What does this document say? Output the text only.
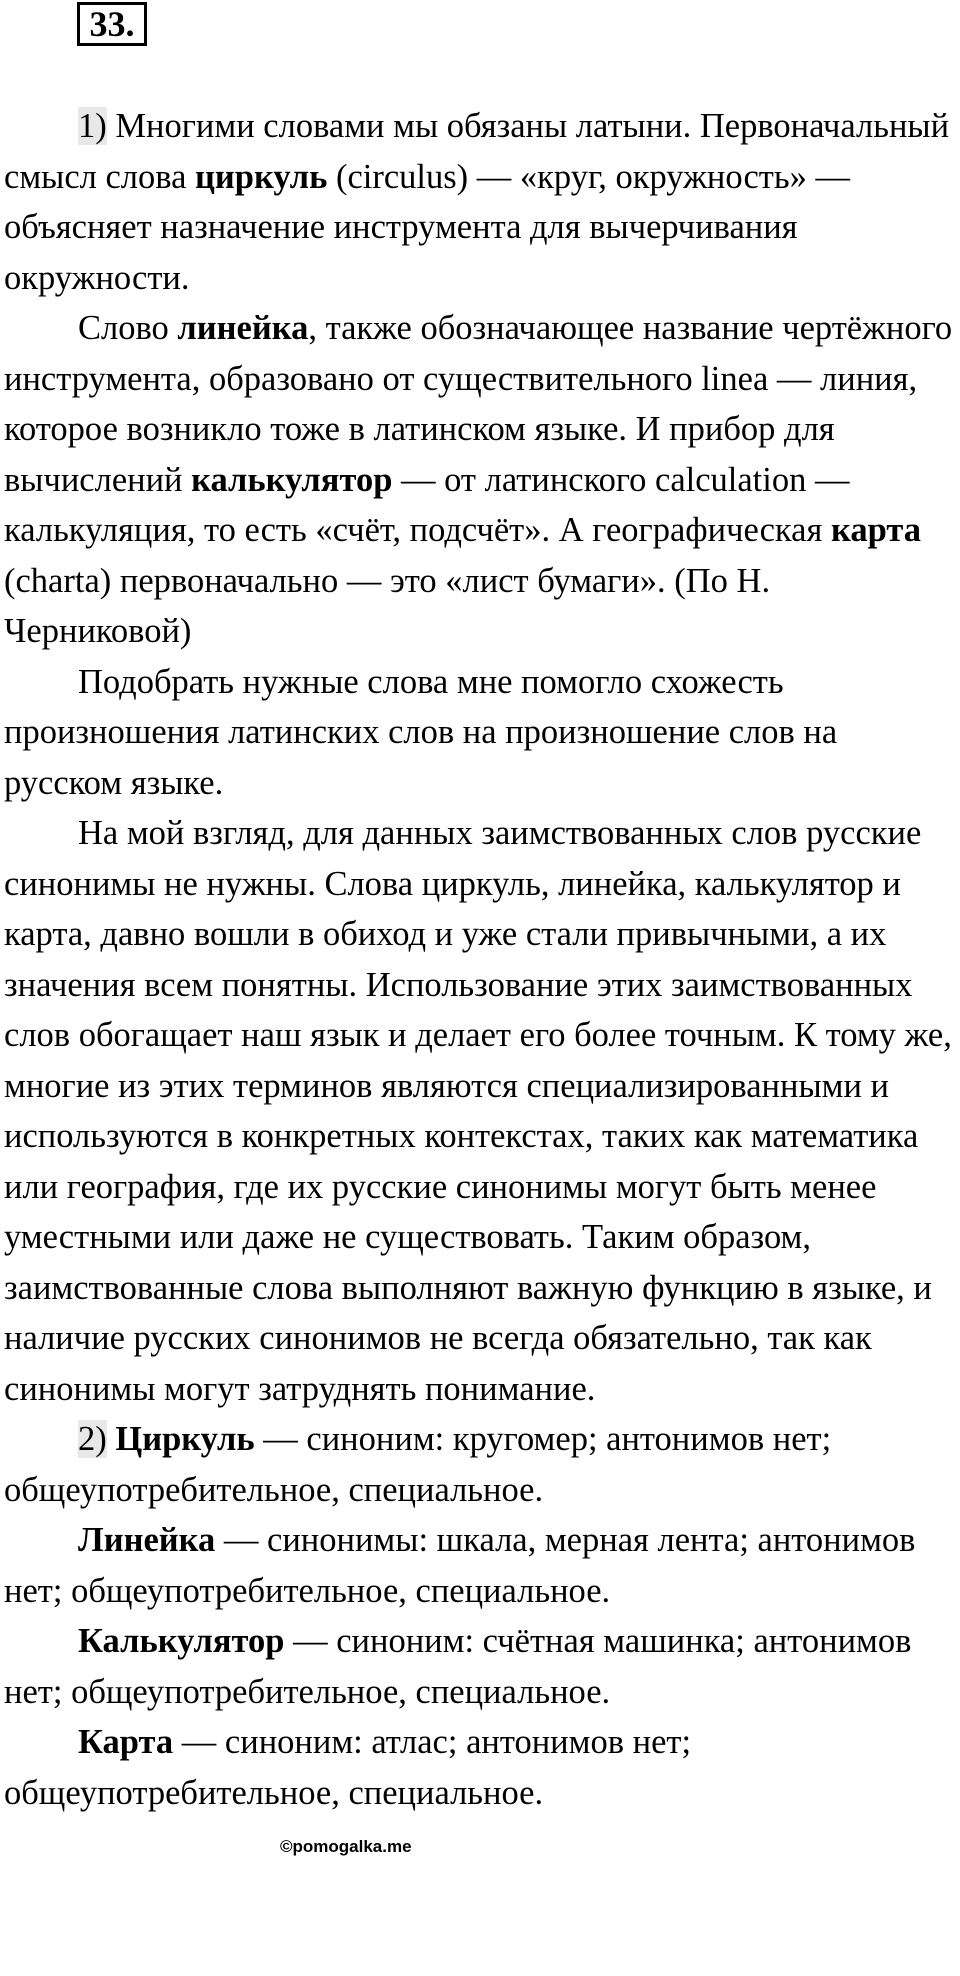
33.

1) Многими словами мы обязаны латыни. Первоначальный смысл слова циркуль (circulus) — «круг, окружность» — объясняет назначение инструмента для вычерчивания окружности.

Слово линейка, также обозначающее название чертёжного инструмента, образовано от существительного linea — линия, которое возникло тоже в латинском языке. И прибор для вычислений калькулятор — от латинского calculation — калькуляция, то есть «счёт, подсчёт». А географическая карта (charta) первоначально — это «лист бумаги». (По Н. Черниковой)

Подобрать нужные слова мне помогло схожесть произношения латинских слов на произношение слов на русском языке.

На мой взгляд, для данных заимствованных слов русские синонимы не нужны. Слова циркуль, линейка, калькулятор и карта, давно вошли в обиход и уже стали привычными, а их значения всем понятны. Использование этих заимствованных слов обогащает наш язык и делает его более точным. К тому же, многие из этих терминов являются специализированными и используются в конкретных контекстах, таких как математика или география, где их русские синонимы могут быть менее уместными или даже не существовать. Таким образом, заимствованные слова выполняют важную функцию в языке, и наличие русских синонимов не всегда обязательно, так как синонимы могут затруднять понимание.

2) Циркуль — синоним: кругомер; антонимов нет; общеупотребительное, специальное.

Линейка — синонимы: шкала, мерная лента; антонимов нет; общеупотребительное, специальное.

Калькулятор — синоним: счётная машинка; антонимов нет; общеупотребительное, специальное.

Карта — синоним: атлас; антонимов нет; общеупотребительное, специальное.

©pomogalka.me
